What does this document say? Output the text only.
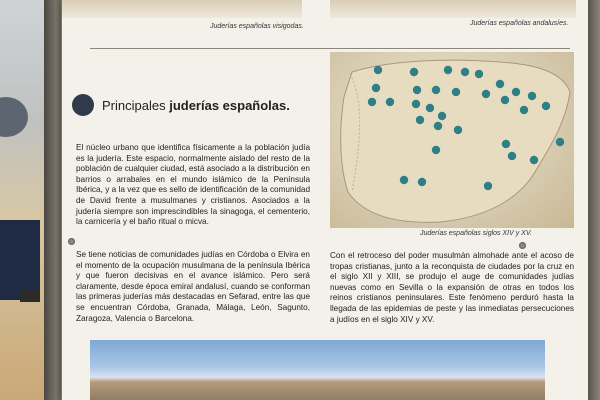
Juderías españolas visigodas.	Juderías españolas andalusíes.
Principales juderías españolas.
El núcleo urbano que identifica físicamente a la población judía es la judería. Este espacio, normalmente aislado del resto de la población de cualquier ciudad, está asociado a la distribución en barrios o arrabales en el mundo islámico de la Península Ibérica, y a la vez que es sello de identificación de la comunidad de David frente a musulmanes y cristianos. Asociados a la judería siempre son imprescindibles la sinagoga, el cementerio, la carnicería y el baño ritual o micva.
Se tiene noticias de comunidades judías en Córdoba o Elvira en el momento de la ocupación musulmana de la península Ibérica y que fueron decisivas en el avance islámico. Pero será claramente, desde época emiral andalusí, cuando se conforman las primeras juderías más destacadas en Sefarad, entre las que se encuentran Córdoba, Granada, Málaga, León, Sagunto, Zaragoza, Valencia o Barcelona.
Con el retroceso del poder musulmán almohade ante el acoso de tropas cristianas, junto a la reconquista de ciudades por la cruz en el siglo XII y XIII, se produjo el auge de comunidades judías nuevas como en Sevilla o la expansión de otras en todos los reinos cristianos peninsulares. Este fenómeno perduró hasta la llegada de las epidemias de peste y las inmediatas persecuciones a judíos en el siglo XIV y XV.
Juderías españolas siglos XIV y XV.
